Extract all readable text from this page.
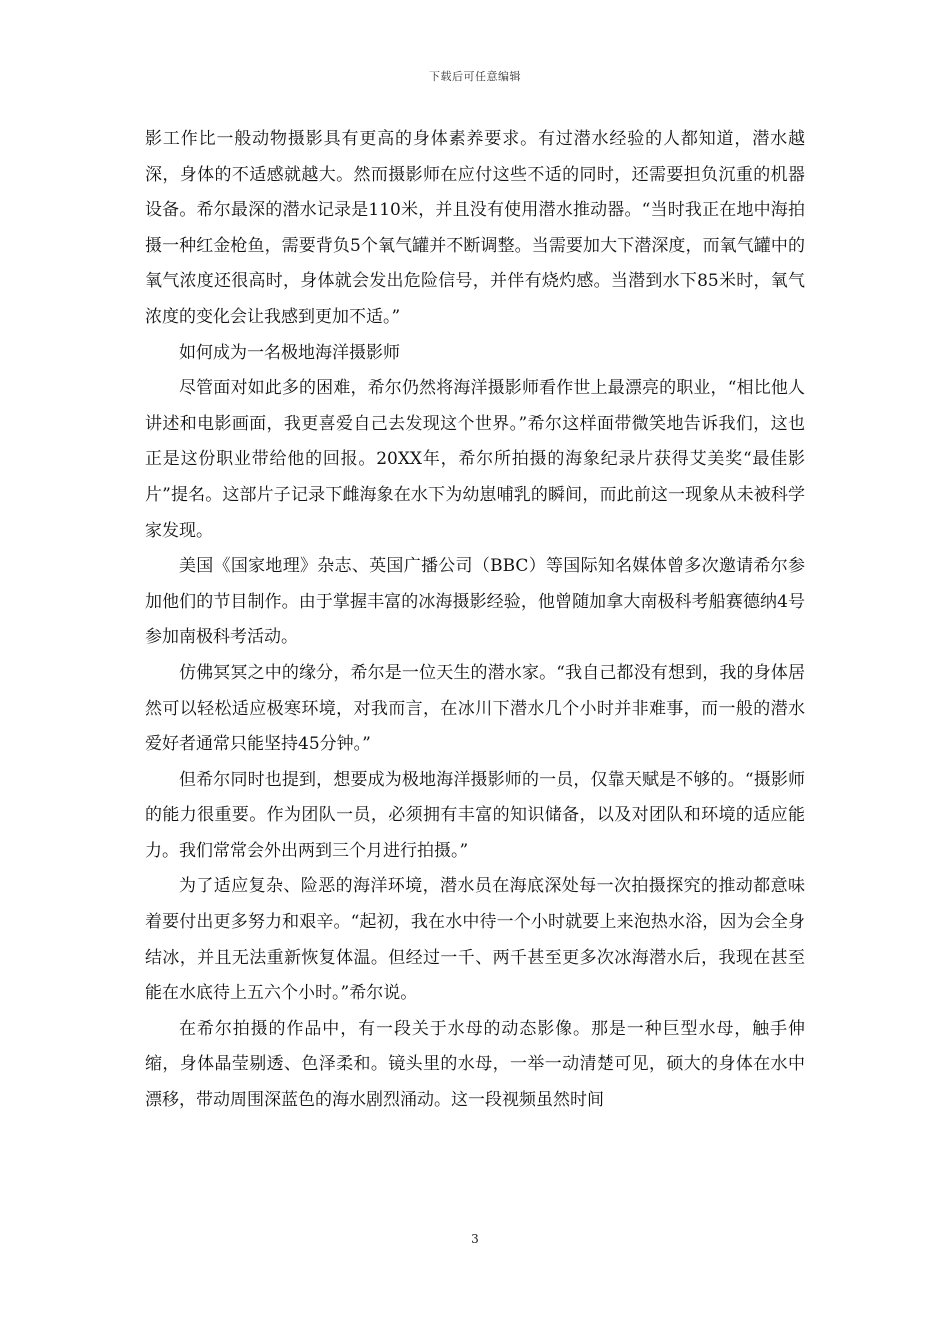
下载后可任意编辑

影工作比一般动物摄影具有更高的身体素养要求。有过潜水经验的人都知道，潜水越深，身体的不适感就越大。然而摄影师在应付这些不适的同时，还需要担负沉重的机器设备。希尔最深的潜水记录是110米，并且没有使用潜水推动器。“当时我正在地中海拍摄一种红金枪鱼，需要背负5个氧气罐并不断调整。当需要加大下潜深度，而氧气罐中的氧气浓度还很高时，身体就会发出危险信号，并伴有烧灼感。当潜到水下85米时，氧气浓度的变化会让我感到更加不适。”

如何成为一名极地海洋摄影师

尽管面对如此多的困难，希尔仍然将海洋摄影师看作世上最漂亮的职业，“相比他人讲述和电影画面，我更喜爱自己去发现这个世界。”希尔这样面带微笑地告诉我们，这也正是这份职业带给他的回报。20XX年，希尔所拍摄的海象纪录片获得艾美奖“最佳影片”提名。这部片子记录下雌海象在水下为幼崽哺乳的瞬间，而此前这一现象从未被科学家发现。

美国《国家地理》杂志、英国广播公司（BBC）等国际知名媒体曾多次邀请希尔参加他们的节目制作。由于掌握丰富的冰海摄影经验，他曾随加拿大南极科考船赛德纳4号参加南极科考活动。

仿佛冥冥之中的缘分，希尔是一位天生的潜水家。“我自己都没有想到，我的身体居然可以轻松适应极寒环境，对我而言，在冰川下潜水几个小时并非难事，而一般的潜水爱好者通常只能坚持45分钟。”

但希尔同时也提到，想要成为极地海洋摄影师的一员，仅靠天赋是不够的。“摄影师的能力很重要。作为团队一员，必须拥有丰富的知识储备，以及对团队和环境的适应能力。我们常常会外出两到三个月进行拍摄。”

为了适应复杂、险恶的海洋环境，潜水员在海底深处每一次拍摄探究的推动都意味着要付出更多努力和艰辛。“起初，我在水中待一个小时就要上来泡热水浴，因为会全身结冰，并且无法重新恢复体温。但经过一千、两千甚至更多次冰海潜水后，我现在甚至能在水底待上五六个小时。”希尔说。

在希尔拍摄的作品中，有一段关于水母的动态影像。那是一种巨型水母，触手伸缩，身体晶莹剔透、色泽柔和。镜头里的水母，一举一动清楚可见，硕大的身体在水中漂移，带动周围深蓝色的海水剧烈涌动。这一段视频虽然时间

3
